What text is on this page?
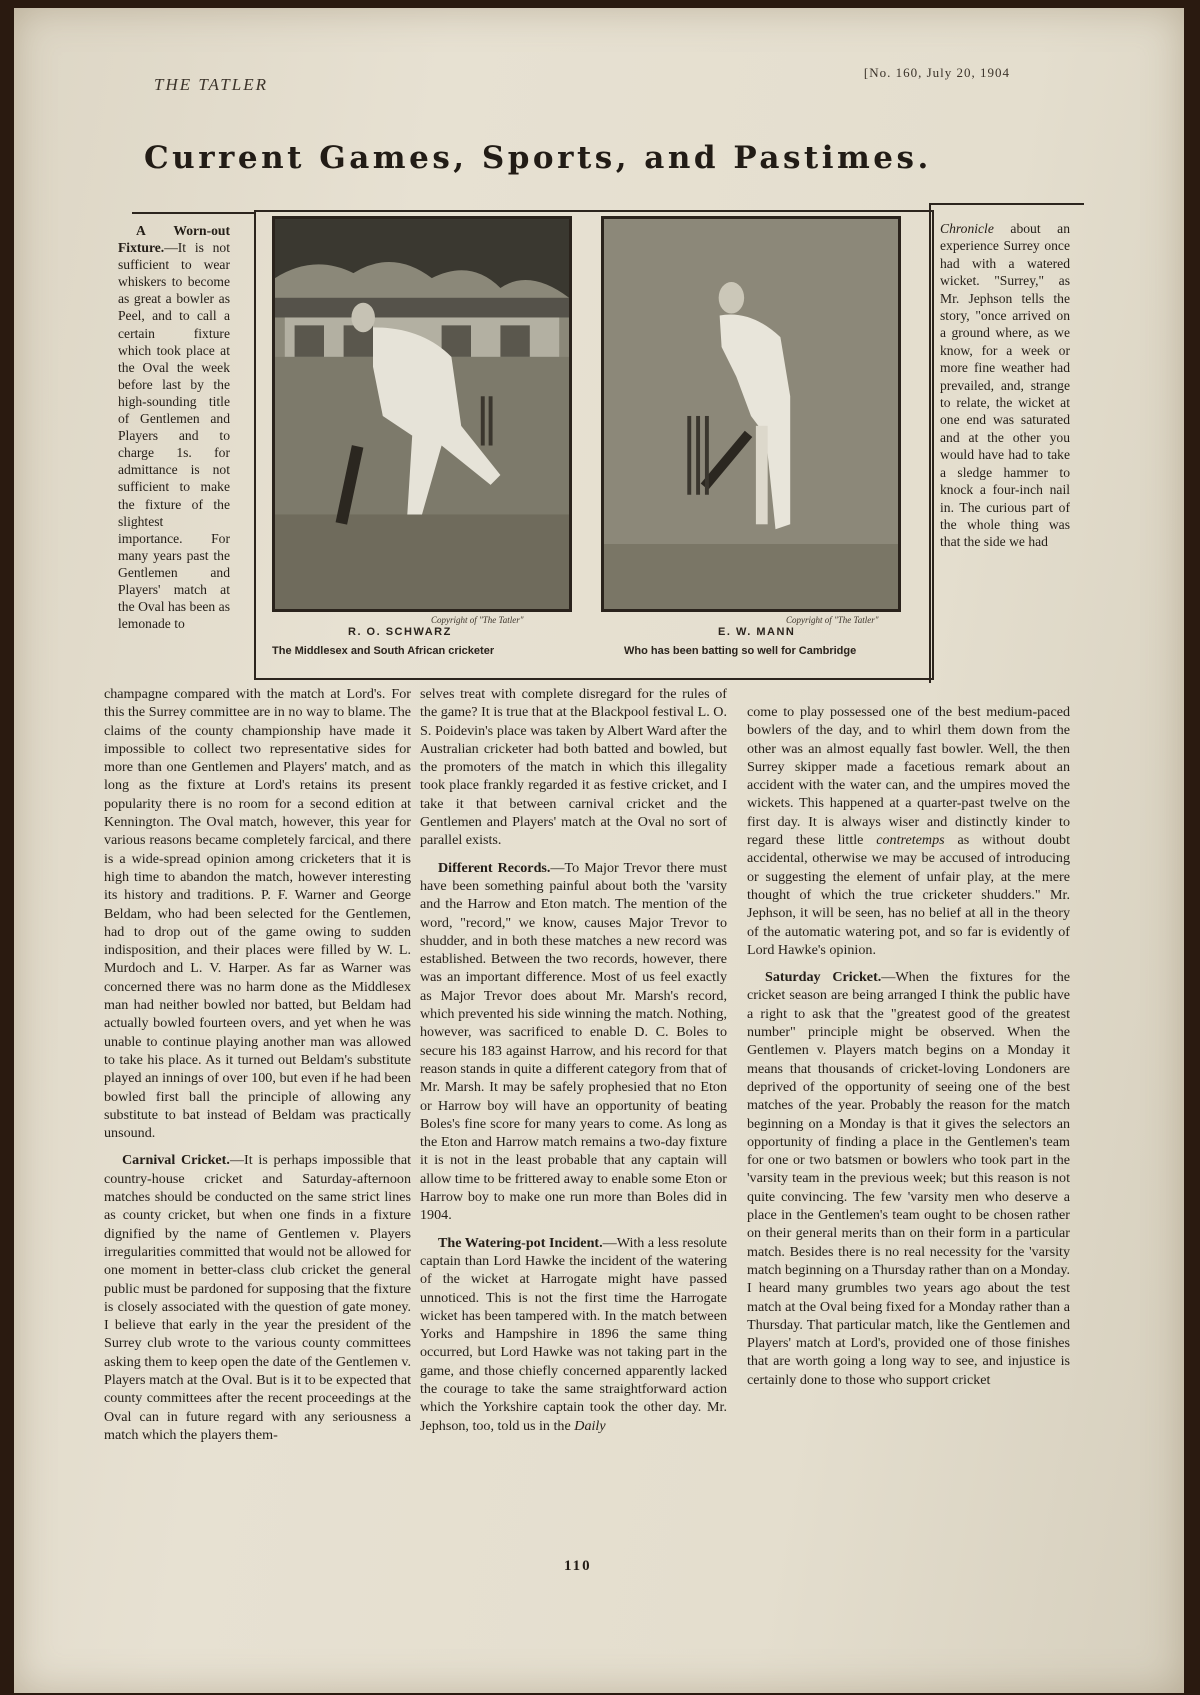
THE TATLER
[No. 160, July 20, 1904
Current Games, Sports, and Pastimes.

A Worn-out Fixture.—It is not sufficient to wear whiskers to become as great a bowler as Peel, and to call a certain fixture which took place at the Oval the week before last by the high-sounding title of Gentlemen and Players and to charge 1s. for admittance is not sufficient to make the fixture of the slightest importance. For many years past the Gentlemen and Players' match at the Oval has been as lemonade to	Copyright of "The Tatler"
R. O. SCHWARZ
The Middlesex and South African cricketer
Copyright of "The Tatler"
E. W. MANN
Who has been batting so well for Cambridge

Chronicle about an experience Surrey once had with a watered wicket. "Surrey," as Mr. Jephson tells the story, "once arrived on a ground where, as we know, for a week or more fine weather had prevailed, and, strange to relate, the wicket at one end was saturated and at the other you would have had to take a sledge hammer to knock a four-inch nail in. The curious part of the whole thing was that the side we had

champagne compared with the match at Lord's. For this the Surrey committee are in no way to blame. The claims of the county championship have made it impossible to collect two representative sides for more than one Gentlemen and Players' match, and as long as the fixture at Lord's retains its present popularity there is no room for a second edition at Kennington. The Oval match, however, this year for various reasons became completely farcical, and there is a wide-spread opinion among cricketers that it is high time to abandon the match, however interesting its history and traditions. P. F. Warner and George Beldam, who had been selected for the Gentlemen, had to drop out of the game owing to sudden indisposition, and their places were filled by W. L. Murdoch and L. V. Harper. As far as Warner was concerned there was no harm done as the Middlesex man had neither bowled nor batted, but Beldam had actually bowled fourteen overs, and yet when he was unable to continue playing another man was allowed to take his place. As it turned out Beldam's substitute played an innings of over 100, but even if he had been bowled first ball the principle of allowing any substitute to bat instead of Beldam was practically unsound.

Carnival Cricket.—It is perhaps impossible that country-house cricket and Saturday-afternoon matches should be conducted on the same strict lines as county cricket, but when one finds in a fixture dignified by the name of Gentlemen v. Players irregularities committed that would not be allowed for one moment in better-class club cricket the general public must be pardoned for supposing that the fixture is closely associated with the question of gate money. I believe that early in the year the president of the Surrey club wrote to the various county committees asking them to keep open the date of the Gentlemen v. Players match at the Oval. But is it to be expected that county committees after the recent proceedings at the Oval can in future regard with any seriousness a match which the players them-

selves treat with complete disregard for the rules of the game? It is true that at the Blackpool festival L. O. S. Poidevin's place was taken by Albert Ward after the Australian cricketer had both batted and bowled, but the promoters of the match in which this illegality took place frankly regarded it as festive cricket, and I take it that between carnival cricket and the Gentlemen and Players' match at the Oval no sort of parallel exists.

Different Records.—To Major Trevor there must have been something painful about both the 'varsity and the Harrow and Eton match. The mention of the word, "record," we know, causes Major Trevor to shudder, and in both these matches a new record was established. Between the two records, however, there was an important difference. Most of us feel exactly as Major Trevor does about Mr. Marsh's record, which prevented his side winning the match. Nothing, however, was sacrificed to enable D. C. Boles to secure his 183 against Harrow, and his record for that reason stands in quite a different category from that of Mr. Marsh. It may be safely prophesied that no Eton or Harrow boy will have an opportunity of beating Boles's fine score for many years to come. As long as the Eton and Harrow match remains a two-day fixture it is not in the least probable that any captain will allow time to be frittered away to enable some Eton or Harrow boy to make one run more than Boles did in 1904.

The Watering-pot Incident.—With a less resolute captain than Lord Hawke the incident of the watering of the wicket at Harrogate might have passed unnoticed. This is not the first time the Harrogate wicket has been tampered with. In the match between Yorks and Hampshire in 1896 the same thing occurred, but Lord Hawke was not taking part in the game, and those chiefly concerned apparently lacked the courage to take the same straightforward action which the Yorkshire captain took the other day. Mr. Jephson, too, told us in the Daily

come to play possessed one of the best medium-paced bowlers of the day, and to whirl them down from the other was an almost equally fast bowler. Well, the then Surrey skipper made a facetious remark about an accident with the water can, and the umpires moved the wickets. This happened at a quarter-past twelve on the first day. It is always wiser and distinctly kinder to regard these little contretemps as without doubt accidental, otherwise we may be accused of introducing or suggesting the element of unfair play, at the mere thought of which the true cricketer shudders." Mr. Jephson, it will be seen, has no belief at all in the theory of the automatic watering pot, and so far is evidently of Lord Hawke's opinion.

Saturday Cricket.—When the fixtures for the cricket season are being arranged I think the public have a right to ask that the "greatest good of the greatest number" principle might be observed. When the Gentlemen v. Players match begins on a Monday it means that thousands of cricket-loving Londoners are deprived of the opportunity of seeing one of the best matches of the year. Probably the reason for the match beginning on a Monday is that it gives the selectors an opportunity of finding a place in the Gentlemen's team for one or two batsmen or bowlers who took part in the 'varsity team in the previous week; but this reason is not quite convincing. The few 'varsity men who deserve a place in the Gentlemen's team ought to be chosen rather on their general merits than on their form in a particular match. Besides there is no real necessity for the 'varsity match beginning on a Thursday rather than on a Monday. I heard many grumbles two years ago about the test match at the Oval being fixed for a Monday rather than a Thursday. That particular match, like the Gentlemen and Players' match at Lord's, provided one of those finishes that are worth going a long way to see, and injustice is certainly done to those who support cricket

110
